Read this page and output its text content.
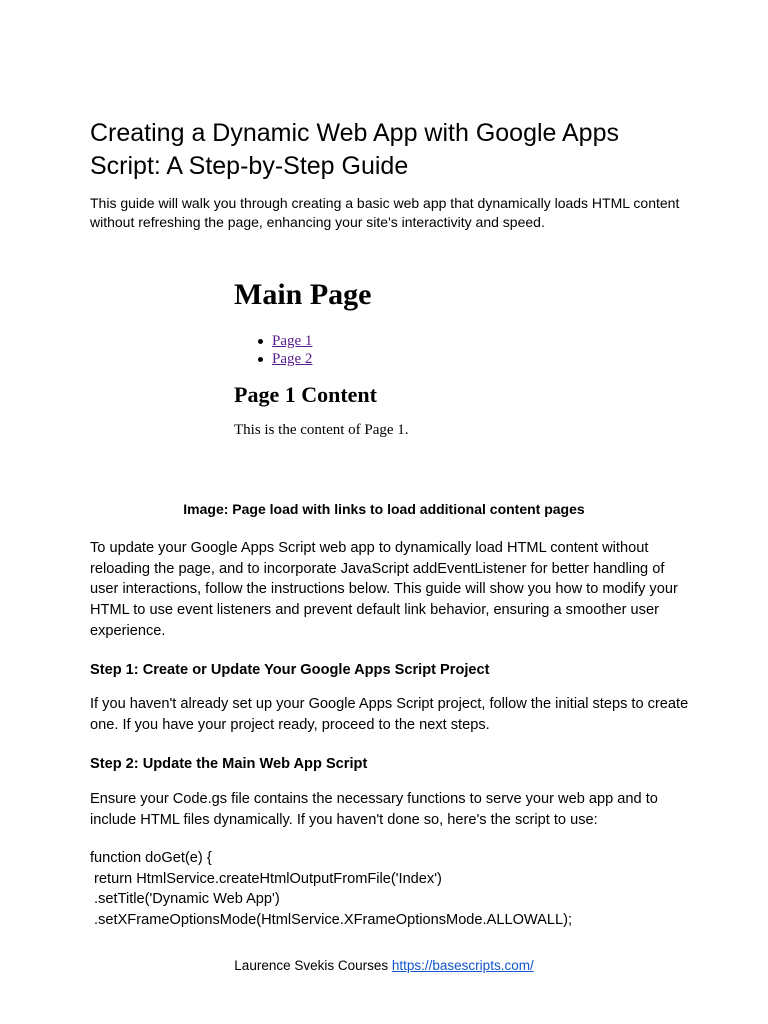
Creating a Dynamic Web App with Google Apps Script: A Step-by-Step Guide

This guide will walk you through creating a basic web app that dynamically loads HTML content without refreshing the page, enhancing your site's interactivity and speed.

Main Page
Page 1
Page 2
Page 1 Content

This is the content of Page 1.

Image: Page load with links to load additional content pages

To update your Google Apps Script web app to dynamically load HTML content without reloading the page, and to incorporate JavaScript addEventListener for better handling of user interactions, follow the instructions below. This guide will show you how to modify your HTML to use event listeners and prevent default link behavior, ensuring a smoother user experience.

Step 1: Create or Update Your Google Apps Script Project

If you haven't already set up your Google Apps Script project, follow the initial steps to create one. If you have your project ready, proceed to the next steps.

Step 2: Update the Main Web App Script

Ensure your Code.gs file contains the necessary functions to serve your web app and to include HTML files dynamically. If you haven't done so, here's the script to use:

function doGet(e) {
return HtmlService.createHtmlOutputFromFile('Index')
.setTitle('Dynamic Web App')
.setXFrameOptionsMode(HtmlService.XFrameOptionsMode.ALLOWALL);
Laurence Svekis Courses https://basescripts.com/
